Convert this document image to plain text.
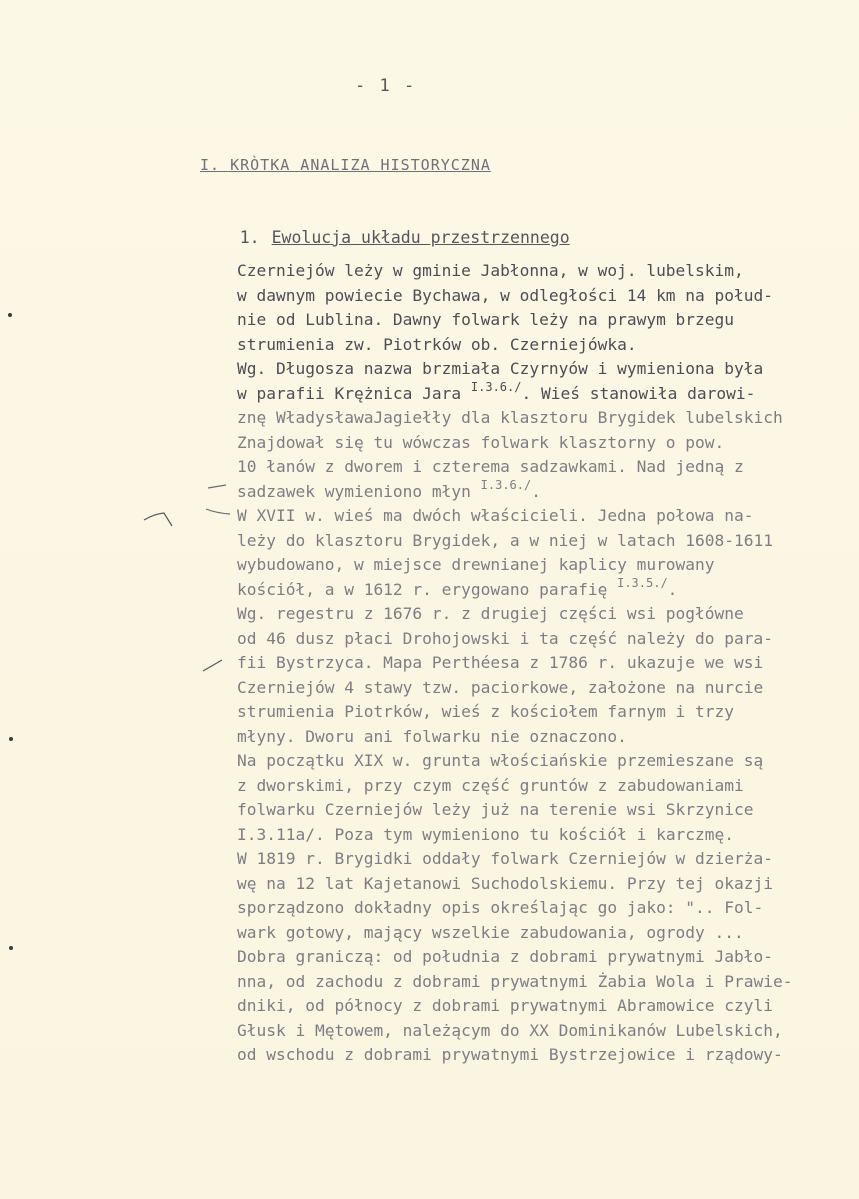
- 1 -
I. KRÒTKA ANALIZA HISTORYCZNA

1. Ewolucja układu przestrzennego

Czerniejów leży w gminie Jabłonna, w woj. lubelskim,
w dawnym powiecie Bychawa, w odległości 14 km na połud-
nie od Lublina. Dawny folwark leży na prawym brzegu
strumienia zw. Piotrków ob. Czerniejówka.
Wg. Długosza nazwa brzmiała Czyrnyów i wymieniona była
w parafii Krężnica Jara $^{I.3.6./}$. Wieś stanowiła darowi-
znę WładysławaJagiełły dla klasztoru Brygidek lubelskich
Znajdował się tu wówczas folwark klasztorny o pow.
10 łanów z dworem i czterema sadzawkami. Nad jedną z
sadzawek wymieniono młyn $^{I.3.6./}$.
W XVII w. wieś ma dwóch właścicieli. Jedna połowa na-
leży do klasztoru Brygidek, a w niej w latach 1608-1611
wybudowano, w miejsce drewnianej kaplicy murowany
kościół, a w 1612 r. erygowano parafię $^{I.3.5./}$.
Wg. regestru z 1676 r. z drugiej części wsi pogłówne
od 46 dusz płaci Drohojowski i ta część należy do para-
fii Bystrzyca. Mapa Perthéesa z 1786 r. ukazuje we wsi
Czerniejów 4 stawy tzw. paciorkowe, założone na nurcie
strumienia Piotrków, wieś z kościołem farnym i trzy
młyny. Dworu ani folwarku nie oznaczono.
Na początku XIX w. grunta włościańskie przemieszane są
z dworskimi, przy czym część gruntów z zabudowaniami
folwarku Czerniejów leży już na terenie wsi Skrzynice
I.3.11a/. Poza tym wymieniono tu kościół i karczmę.
W 1819 r. Brygidki oddały folwark Czerniejów w dzierża-
wę na 12 lat Kajetanowi Suchodolskiemu. Przy tej okazji
sporządzono dokładny opis określając go jako: ".. Fol-
wark gotowy, mający wszelkie zabudowania, ogrody ...
Dobra graniczą: od południa z dobrami prywatnymi Jabło-
nna, od zachodu z dobrami prywatnymi Żabia Wola i Prawie-
dniki, od północy z dobrami prywatnymi Abramowice czyli
Głusk i Mętowem, należącym do XX Dominikanów Lubelskich,
od wschodu z dobrami prywatnymi Bystrzejowice i rządowy-
